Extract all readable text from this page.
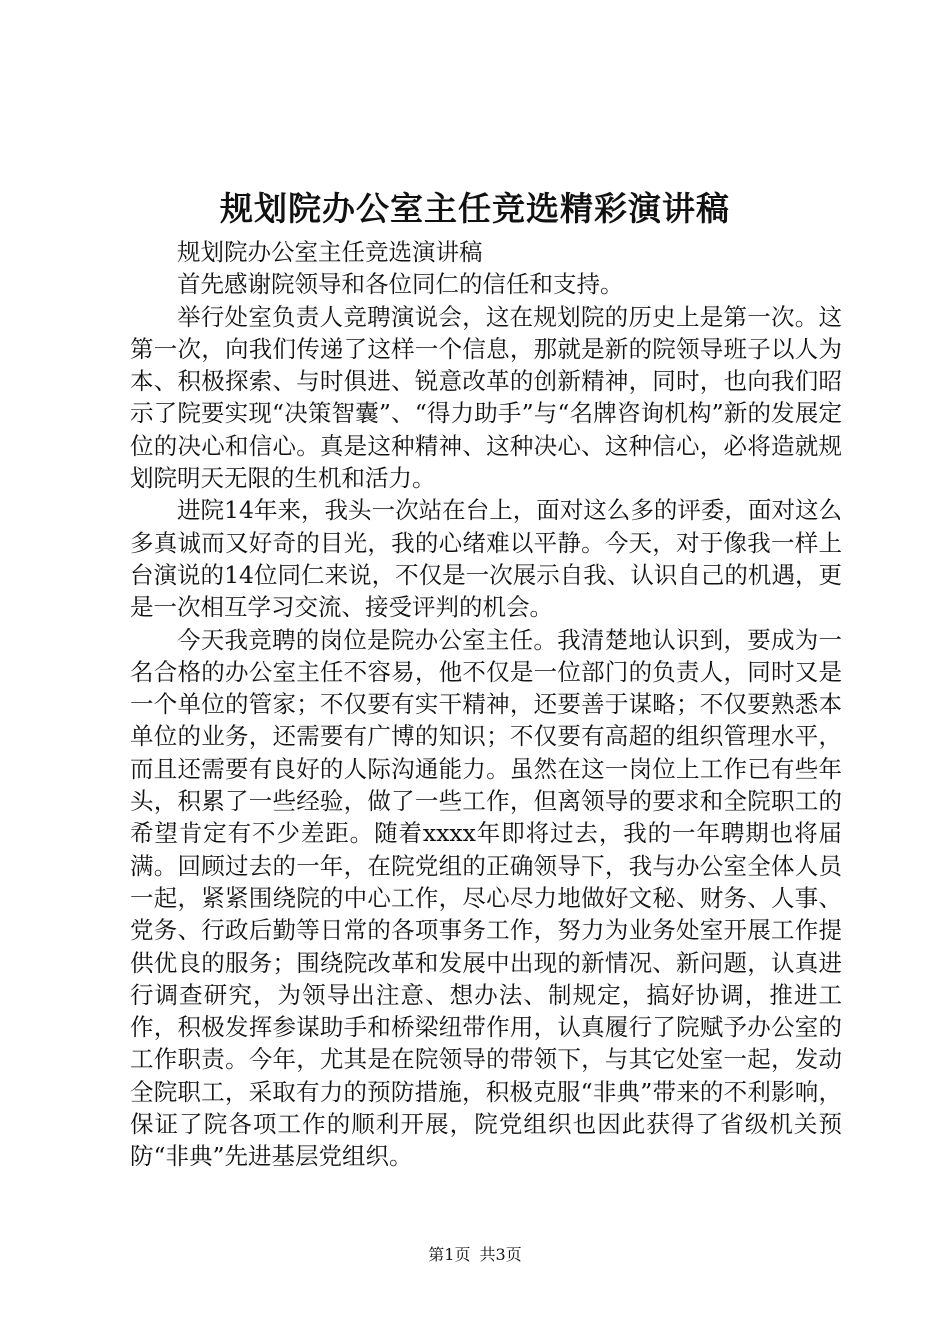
规划院办公室主任竞选精彩演讲稿

规划院办公室主任竞选演讲稿

首先感谢院领导和各位同仁的信任和支持。

举行处室负责人竞聘演说会，这在规划院的历史上是第一次。这第一次，向我们传递了这样一个信息，那就是新的院领导班子以人为本、积极探索、与时俱进、锐意改革的创新精神，同时，也向我们昭示了院要实现“决策智囊”、“得力助手”与“名牌咨询机构”新的发展定位的决心和信心。真是这种精神、这种决心、这种信心，必将造就规划院明天无限的生机和活力。

进院14年来，我头一次站在台上，面对这么多的评委，面对这么多真诚而又好奇的目光，我的心绪难以平静。今天，对于像我一样上台演说的14位同仁来说，不仅是一次展示自我、认识自己的机遇，更是一次相互学习交流、接受评判的机会。

今天我竞聘的岗位是院办公室主任。我清楚地认识到，要成为一名合格的办公室主任不容易，他不仅是一位部门的负责人，同时又是一个单位的管家；不仅要有实干精神，还要善于谋略；不仅要熟悉本单位的业务，还需要有广博的知识；不仅要有高超的组织管理水平，而且还需要有良好的人际沟通能力。虽然在这一岗位上工作已有些年头，积累了一些经验，做了一些工作，但离领导的要求和全院职工的希望肯定有不少差距。随着xxxx年即将过去，我的一年聘期也将届满。回顾过去的一年，在院党组的正确领导下，我与办公室全体人员一起，紧紧围绕院的中心工作，尽心尽力地做好文秘、财务、人事、党务、行政后勤等日常的各项事务工作，努力为业务处室开展工作提供优良的服务；围绕院改革和发展中出现的新情况、新问题，认真进行调查研究，为领导出注意、想办法、制规定，搞好协调，推进工作，积极发挥参谋助手和桥梁纽带作用，认真履行了院赋予办公室的工作职责。今年，尤其是在院领导的带领下，与其它处室一起，发动全院职工，采取有力的预防措施，积极克服“非典”带来的不利影响，保证了院各项工作的顺利开展，院党组织也因此获得了省级机关预防“非典”先进基层党组织。

第1页 共3页
